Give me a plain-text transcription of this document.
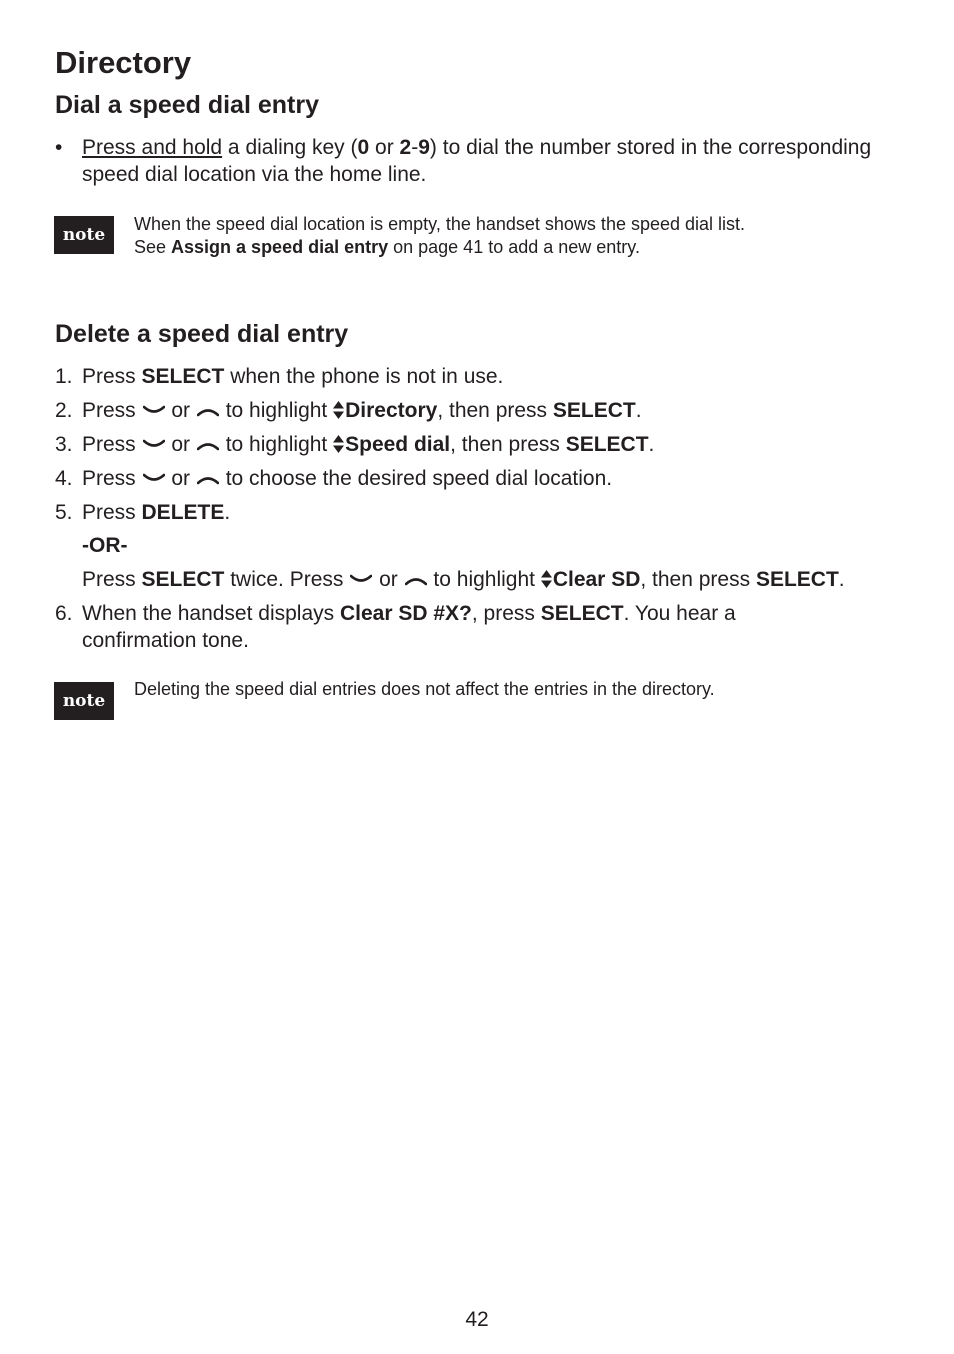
Directory
Dial a speed dial entry
• Press and hold a dialing key (0 or 2-9) to dial the number stored in the corresponding speed dial location via the home line.
note
When the speed dial location is empty, the handset shows the speed dial list.
See Assign a speed dial entry on page 41 to add a new entry.
Delete a speed dial entry
1. Press SELECT when the phone is not in use.
2. Press  or  to highlight Directory, then press SELECT.
3. Press  or  to highlight Speed dial, then press SELECT.
4. Press  or  to choose the desired speed dial location.
5. Press DELETE.
-OR-
Press SELECT twice. Press  or  to highlight Clear SD, then press SELECT.
6. When the handset displays Clear SD #X?, press SELECT. You hear a confirmation tone.
note
Deleting the speed dial entries does not affect the entries in the directory.
42
